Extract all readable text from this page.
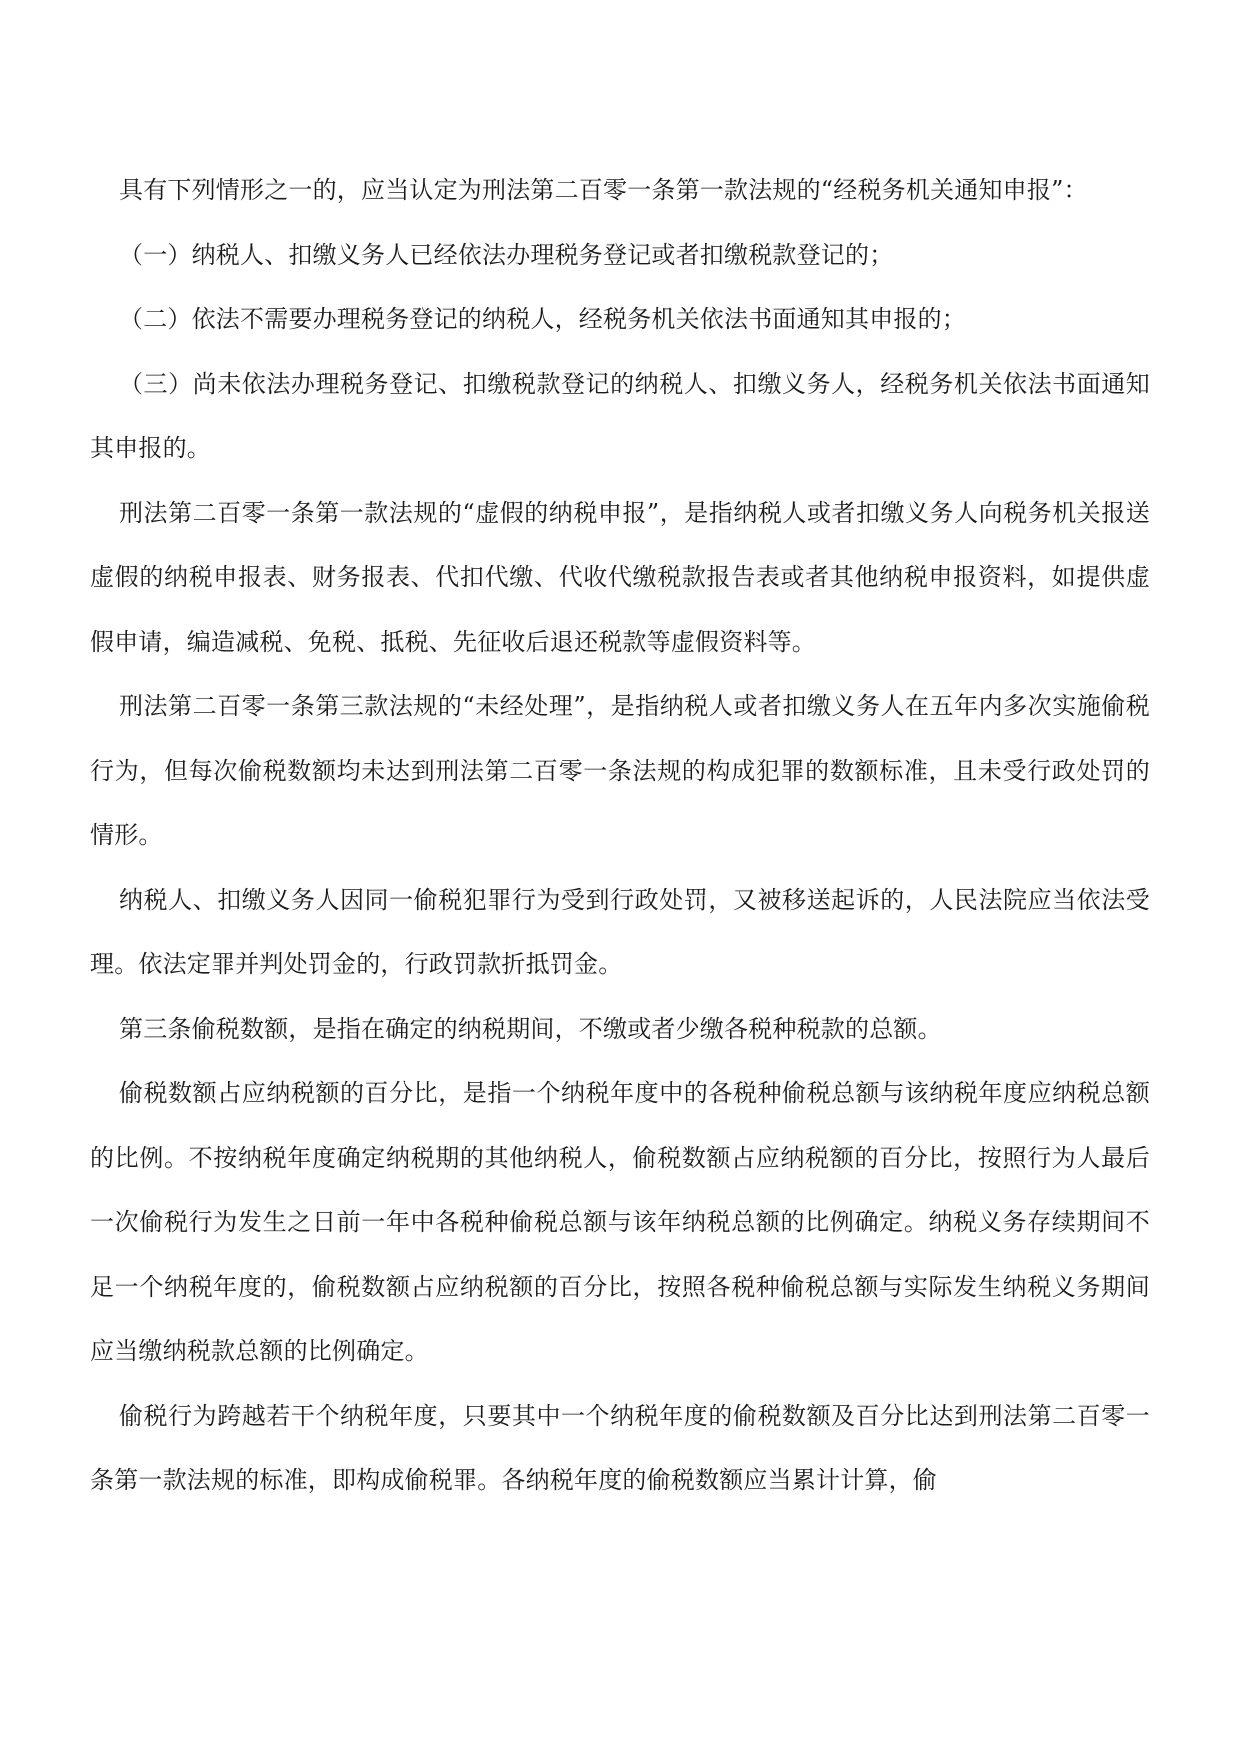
具有下列情形之一的，应当认定为刑法第二百零一条第一款法规的“经税务机关通知申报”：

（一）纳税人、扣缴义务人已经依法办理税务登记或者扣缴税款登记的；

（二）依法不需要办理税务登记的纳税人，经税务机关依法书面通知其申报的；

（三）尚未依法办理税务登记、扣缴税款登记的纳税人、扣缴义务人，经税务机关依法书面通知其申报的。

刑法第二百零一条第一款法规的“虚假的纳税申报”，是指纳税人或者扣缴义务人向税务机关报送虚假的纳税申报表、财务报表、代扣代缴、代收代缴税款报告表或者其他纳税申报资料，如提供虚假申请，编造减税、免税、抵税、先征收后退还税款等虚假资料等。

刑法第二百零一条第三款法规的“未经处理”，是指纳税人或者扣缴义务人在五年内多次实施偷税行为，但每次偷税数额均未达到刑法第二百零一条法规的构成犯罪的数额标准，且未受行政处罚的情形。

纳税人、扣缴义务人因同一偷税犯罪行为受到行政处罚，又被移送起诉的，人民法院应当依法受理。依法定罪并判处罚金的，行政罚款折抵罚金。

第三条偷税数额，是指在确定的纳税期间，不缴或者少缴各税种税款的总额。

偷税数额占应纳税额的百分比，是指一个纳税年度中的各税种偷税总额与该纳税年度应纳税总额的比例。不按纳税年度确定纳税期的其他纳税人，偷税数额占应纳税额的百分比，按照行为人最后一次偷税行为发生之日前一年中各税种偷税总额与该年纳税总额的比例确定。纳税义务存续期间不足一个纳税年度的，偷税数额占应纳税额的百分比，按照各税种偷税总额与实际发生纳税义务期间应当缴纳税款总额的比例确定。

偷税行为跨越若干个纳税年度，只要其中一个纳税年度的偷税数额及百分比达到刑法第二百零一条第一款法规的标准，即构成偷税罪。各纳税年度的偷税数额应当累计计算，偷
